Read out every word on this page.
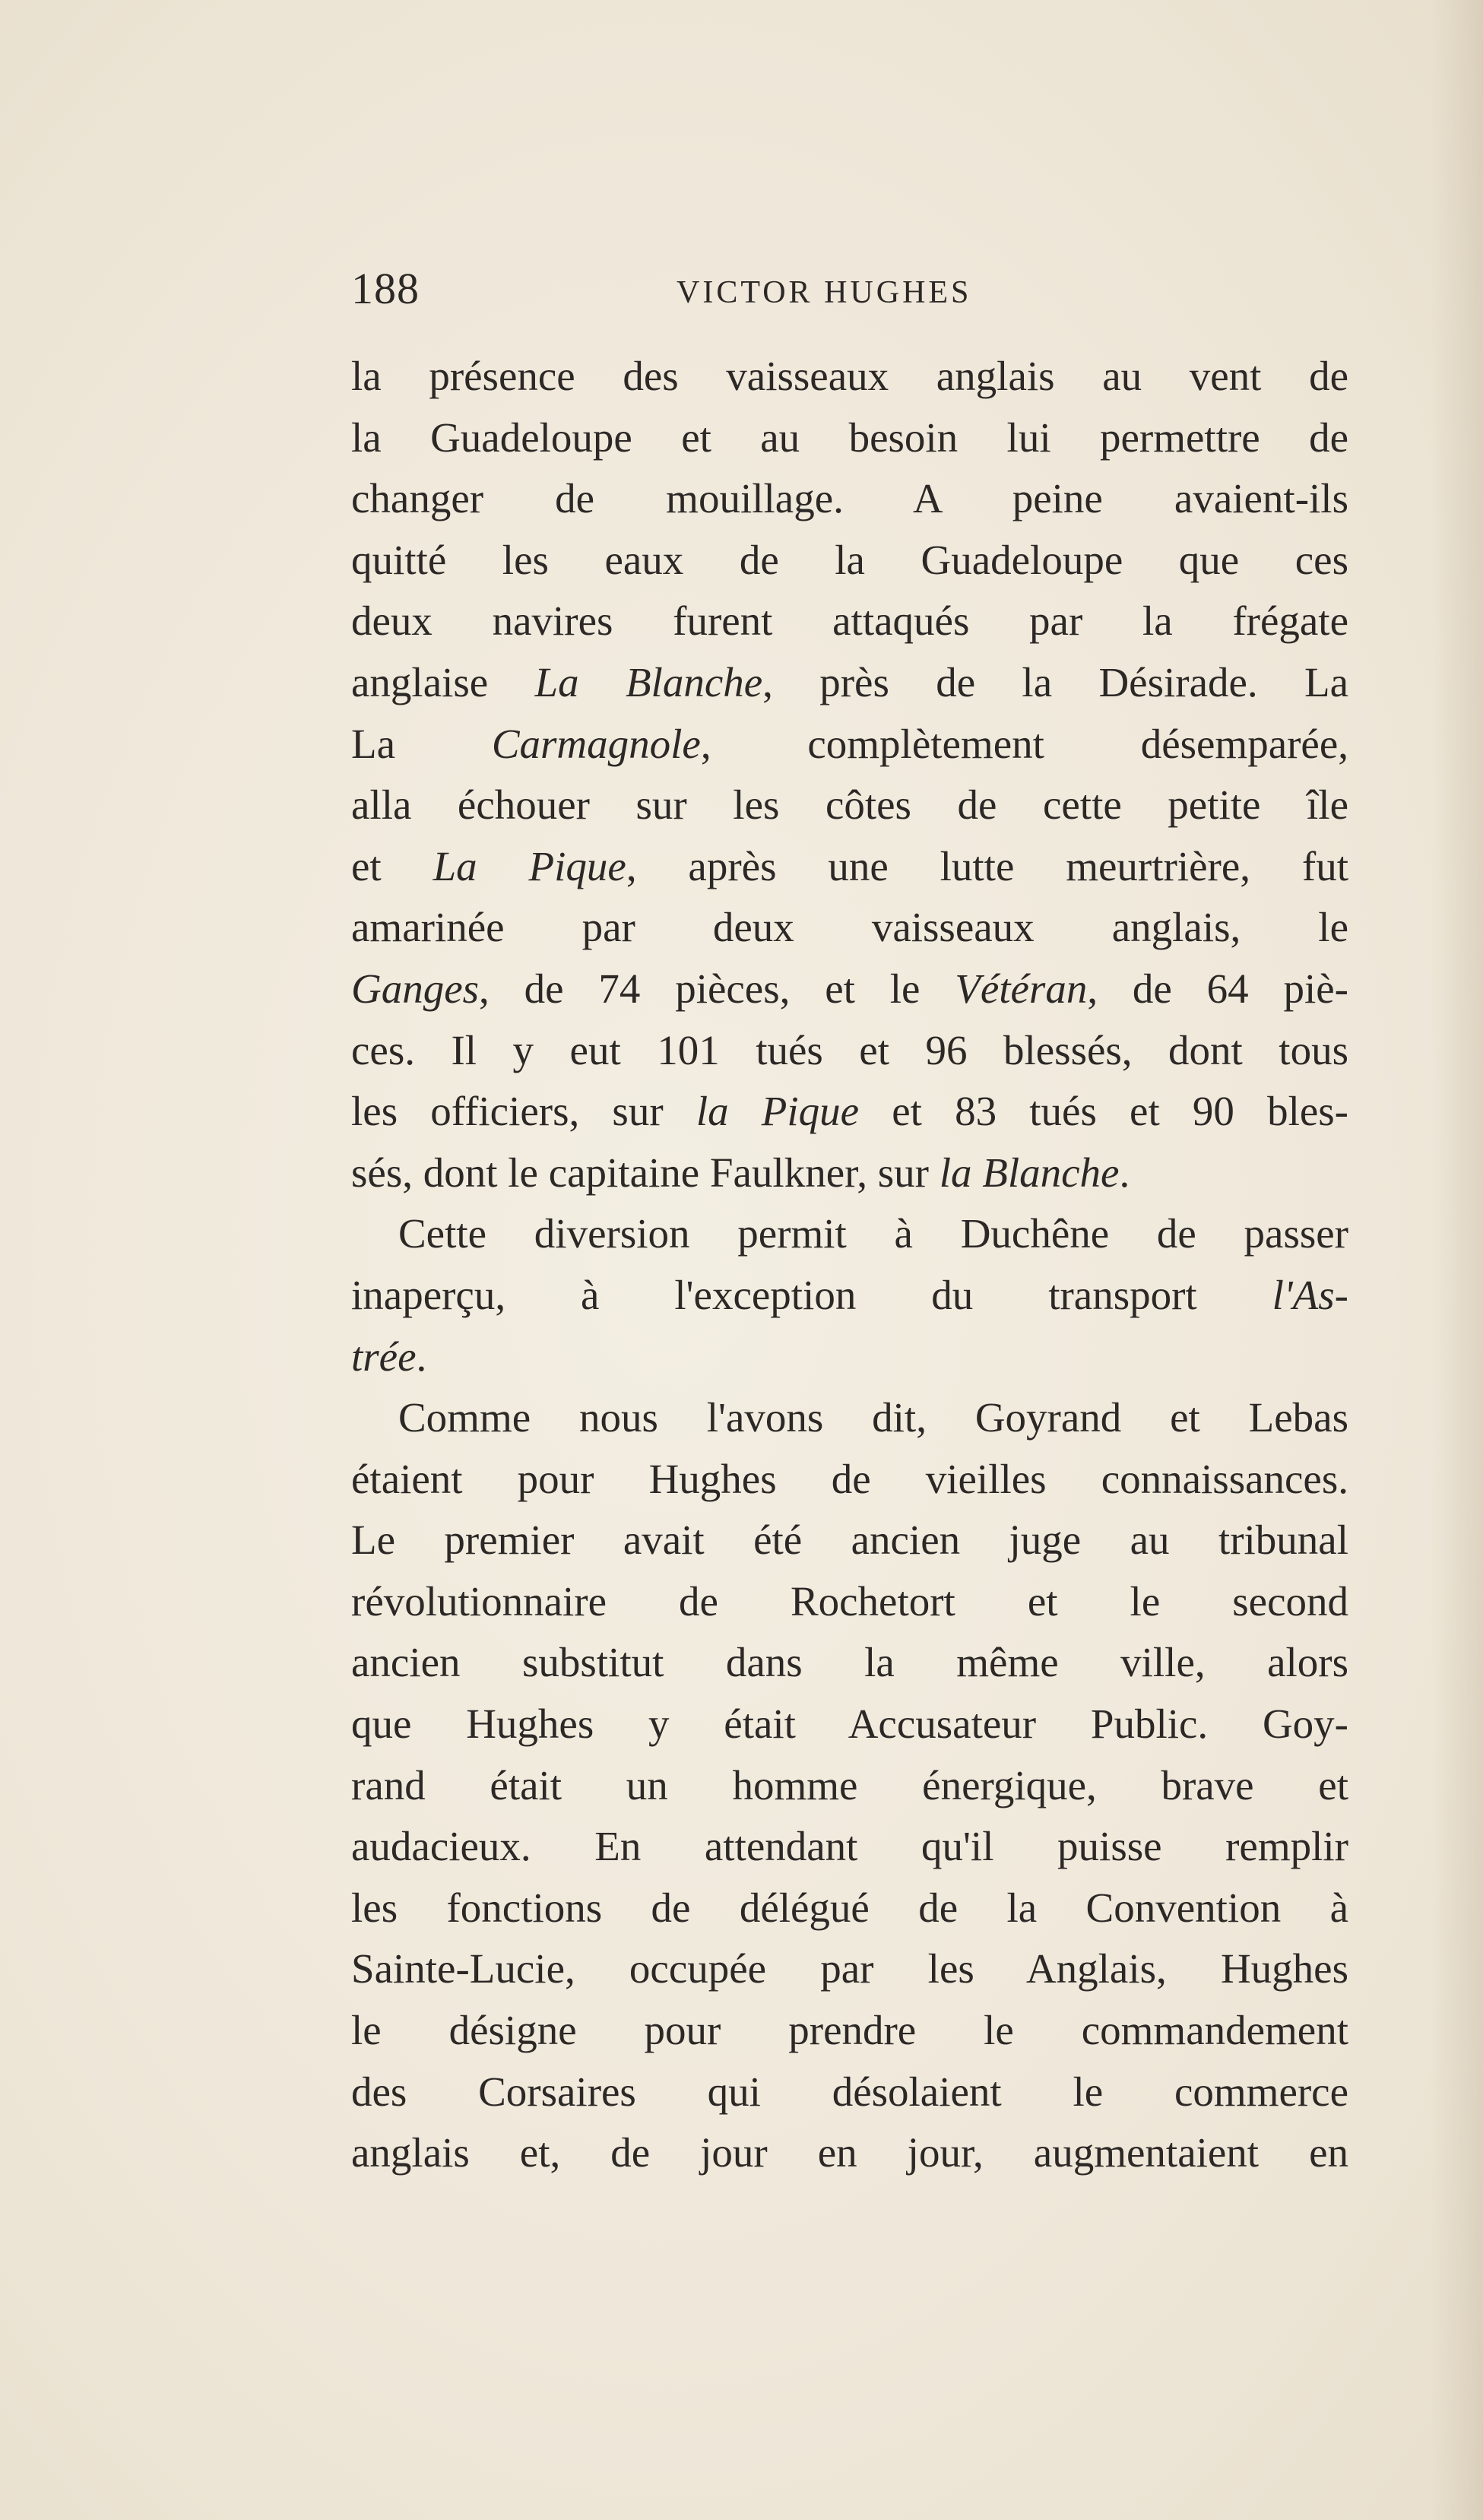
188	VICTOR HUGHES
la présence des vaisseaux anglais au vent de
la Guadeloupe et au besoin lui permettre de
changer de mouillage. A peine avaient-ils
quitté les eaux de la Guadeloupe que ces
deux navires furent attaqués par la frégate
anglaise La Blanche, près de la Désirade. La
La Carmagnole, complètement désemparée,
alla échouer sur les côtes de cette petite île
et La Pique, après une lutte meurtrière, fut
amarinée par deux vaisseaux anglais, le
Ganges, de 74 pièces, et le Vétéran, de 64 piè-
ces. Il y eut 101 tués et 96 blessés, dont tous
les officiers, sur la Pique et 83 tués et 90 bles-
sés, dont le capitaine Faulkner, sur la Blanche.
Cette diversion permit à Duchêne de passer
inaperçu, à l'exception du transport l'As-
trée.
Comme nous l'avons dit, Goyrand et Lebas
étaient pour Hughes de vieilles connaissances.
Le premier avait été ancien juge au tribunal
révolutionnaire de Rochetort et le second
ancien substitut dans la même ville, alors
que Hughes y était Accusateur Public. Goy-
rand était un homme énergique, brave et
audacieux. En attendant qu'il puisse remplir
les fonctions de délégué de la Convention à
Sainte-Lucie, occupée par les Anglais, Hughes
le désigne pour prendre le commandement
des Corsaires qui désolaient le commerce
anglais et, de jour en jour, augmentaient en
